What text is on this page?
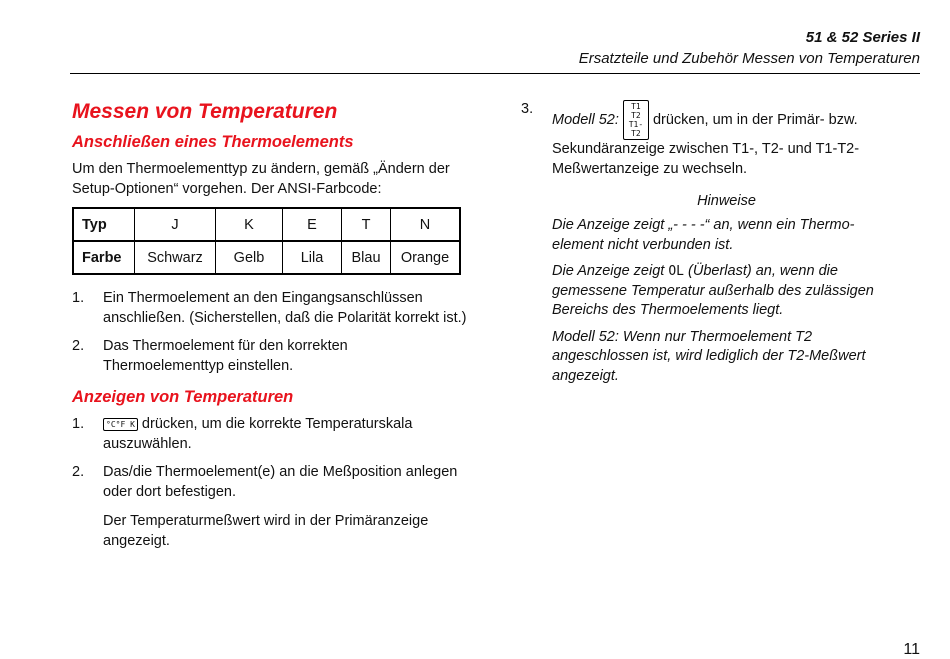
51 & 52 Series II
Ersatzteile und Zubehör Messen von Temperaturen
Messen von Temperaturen
Anschließen eines Thermoelements
Um den Thermoelementtyp zu ändern, gemäß „Ändern der Setup-Optionen“ vorgehen. Der ANSI-Farbcode:
Typ	J	K	E	T	N
Farbe	Schwarz	Gelb	Lila	Blau	Orange
1. Ein Thermoelement an den Eingangsanschlüssen anschließen. (Sicherstellen, daß die Polarität korrekt ist.)
2. Das Thermoelement für den korrekten Thermoelementtyp einstellen.
Anzeigen von Temperaturen
1.	°C°F K drücken, um die korrekte Temperaturskala auszuwählen.
2. Das/die Thermoelement(e) an die Meßposition anlegen oder dort befestigen.
Der Temperaturmeßwert wird in der Primäranzeige angezeigt.
3.
Modell 52: T1
T2
T1-T2 drücken, um in der Primär- bzw. Sekundäranzeige zwischen T1-, T2- und T1-T2-Meßwertanzeige zu wechseln.
Hinweise
Die Anzeige zeigt „- - - -“ an, wenn ein Thermo-element nicht verbunden ist.
Die Anzeige zeigt OL (Überlast) an, wenn die gemessene Temperatur außerhalb des zulässigen Bereichs des Thermoelements liegt.
Modell 52: Wenn nur Thermoelement T2 angeschlossen ist, wird lediglich der T2-Meßwert angezeigt.
11
